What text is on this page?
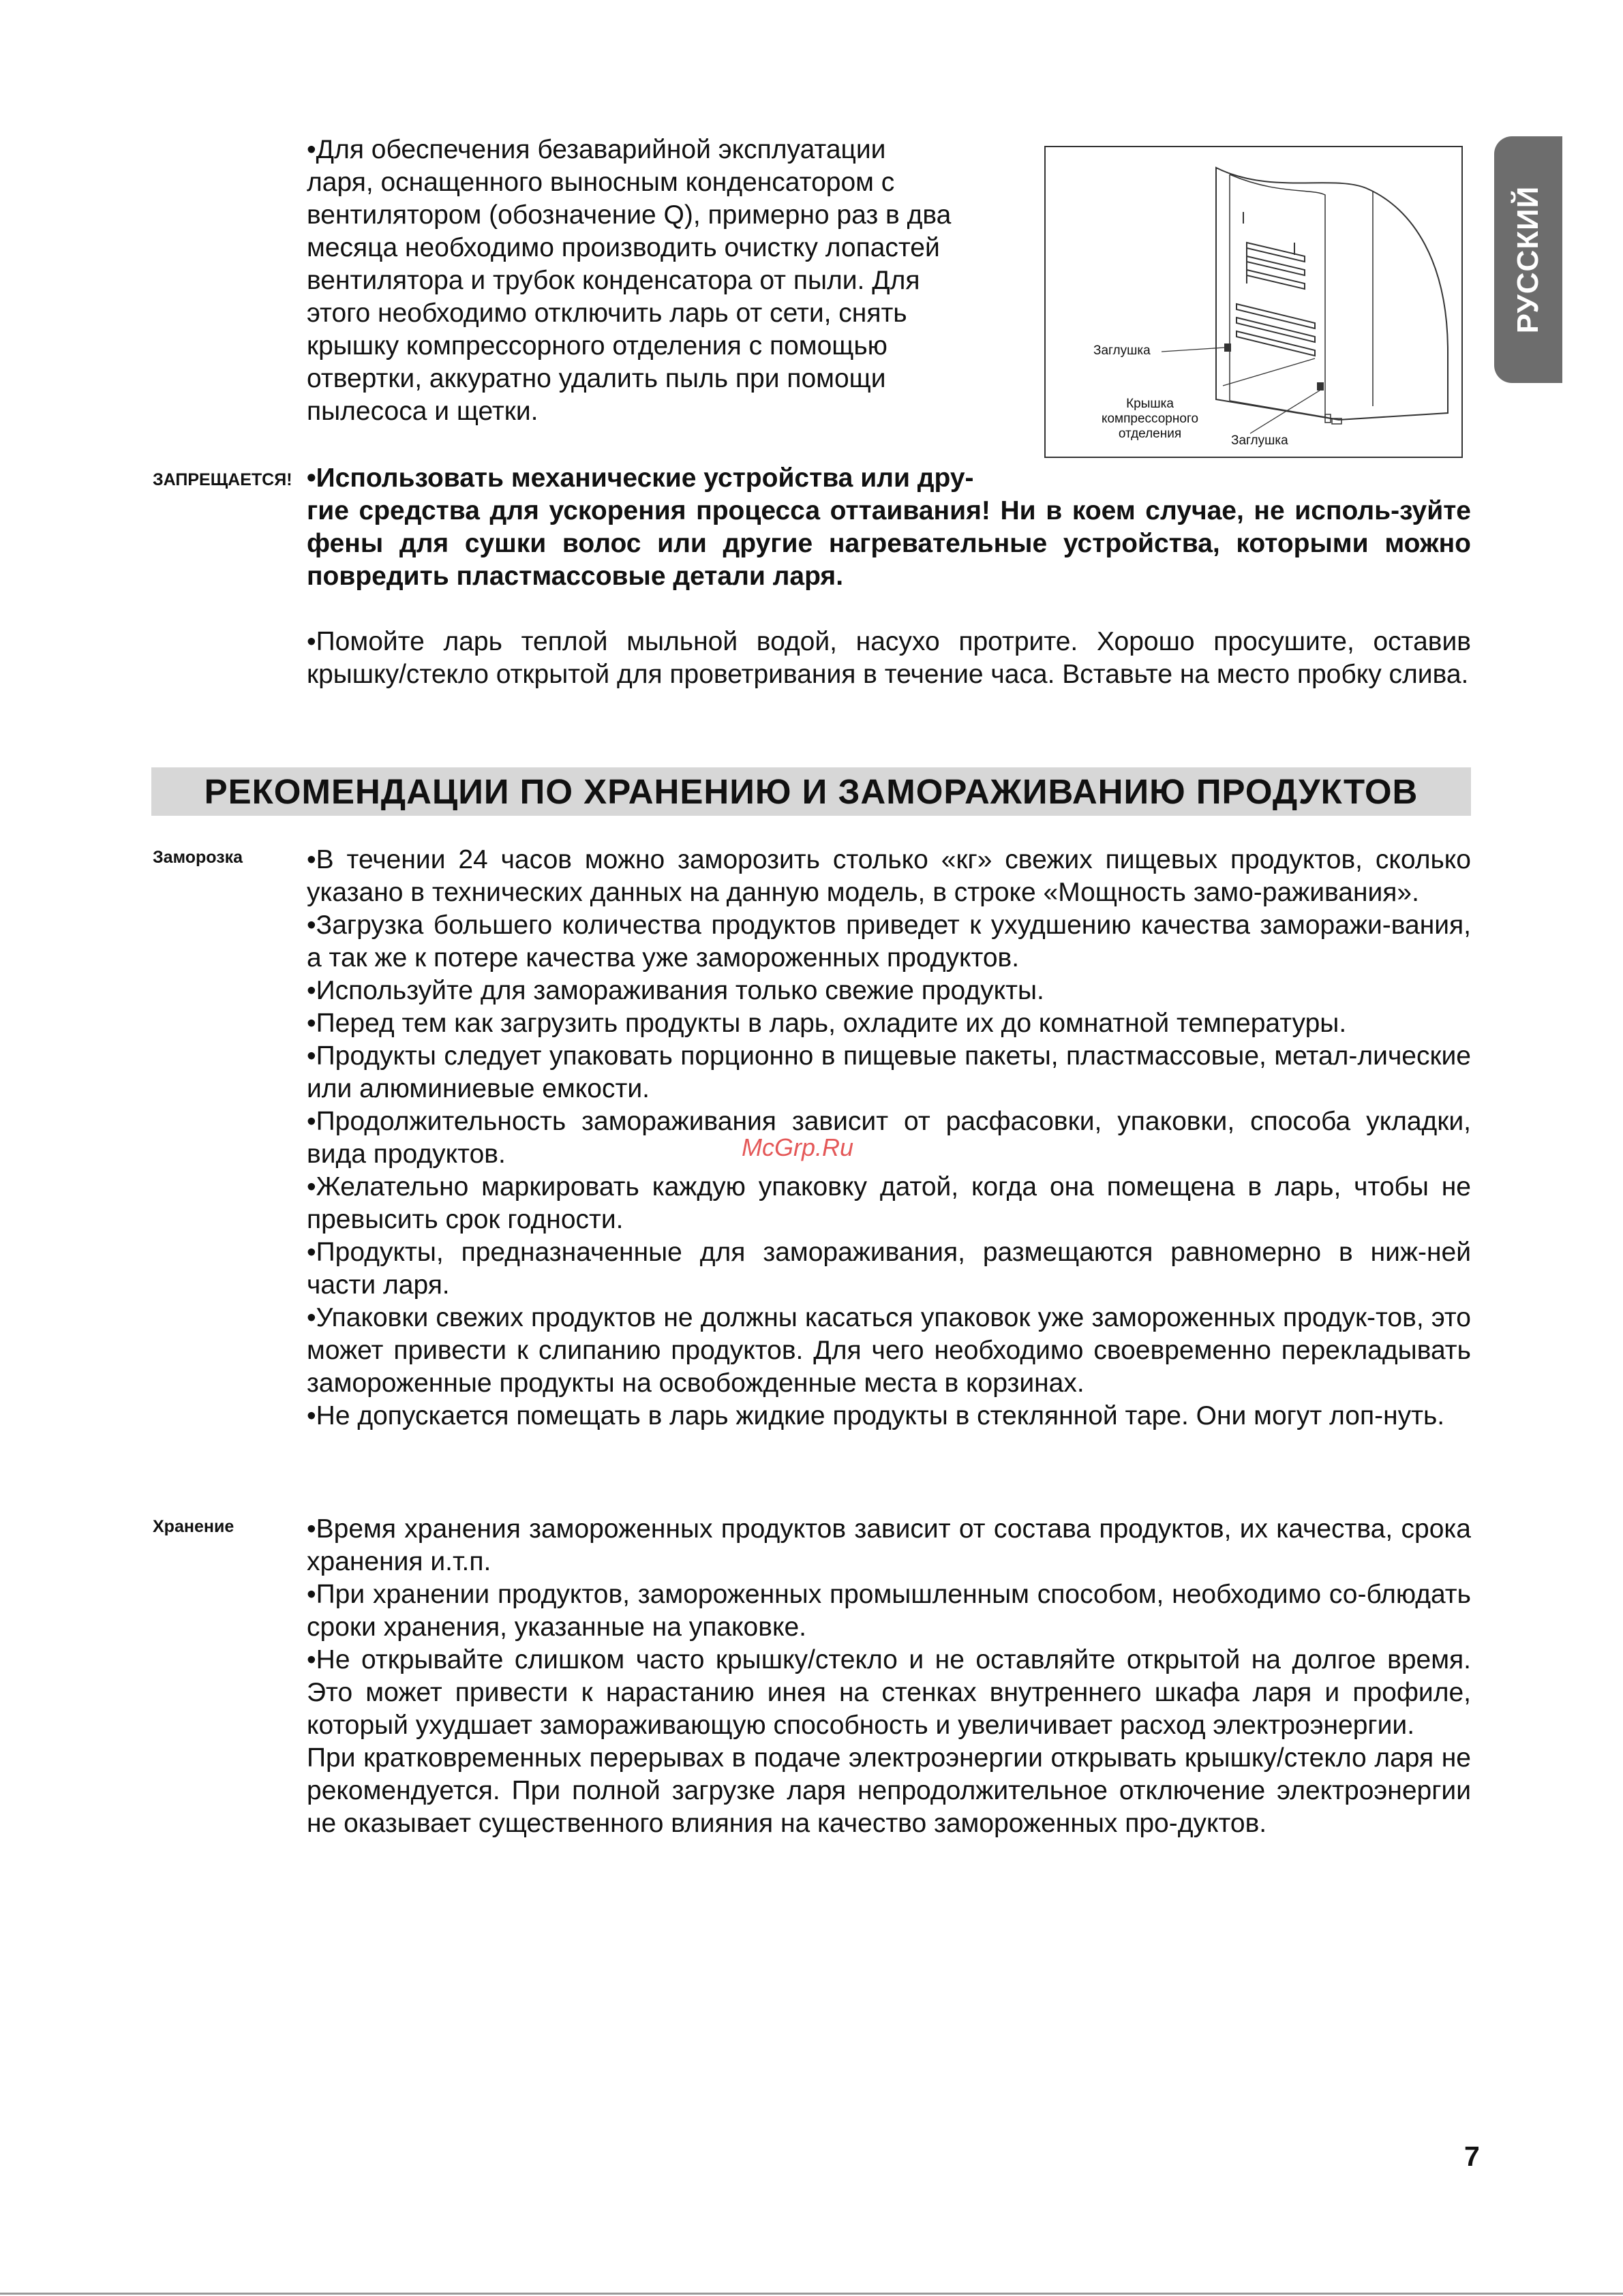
РУССКИЙ

•Для обеспечения безаварийной эксплуатации

ларя, оснащенного выносным конденсатором с

вентилятором (обозначение Q), примерно раз в два

месяца необходимо производить очистку лопастей

вентилятора и трубок конденсатора от пыли. Для

этого необходимо отключить ларь от сети, снять

крышку компрессорного отделения с помощью

отвертки, аккуратно удалить пыль при помощи

пылесоса и щетки.

Заглушка
Крышка компрессорного отделения	Заглушка
ЗАПРЕЩАЕТСЯ! •Использовать механические устройства или дру-
гие средства для ускорения процесса оттаивания! Ни в коем случае, не исполь-зуйте фены для сушки волос или другие нагревательные устройства, которыми можно повредить пластмассовые детали ларя.
•Помойте ларь теплой мыльной водой, насухо протрите. Хорошо просушите, оставив крышку/стекло открытой для проветривания в течение часа. Вставьте на место пробку слива.
РЕКОМЕНДАЦИИ ПО ХРАНЕНИЮ И ЗАМОРАЖИВАНИЮ ПРОДУКТОВ
Заморозка •В течении 24 часов можно заморозить столько «кг» свежих пищевых продуктов, сколько указано в технических данных на данную модель, в строке «Мощность замо-раживания».

•Загрузка большего количества продуктов приведет к ухудшению качества заморажи-вания, а так же к потере качества уже замороженных продуктов.

•Используйте для замораживания только свежие продукты.

•Перед тем как загрузить продукты в ларь, охладите их до комнатной температуры.

•Продукты следует упаковать порционно в пищевые пакеты, пластмассовые, метал-лические или алюминиевые емкости.

•Продолжительность замораживания зависит от расфасовки, упаковки, способа укладки, вида продуктов.

•Желательно маркировать каждую упаковку датой, когда она помещена в ларь, чтобы не превысить срок годности.

•Продукты, предназначенные для замораживания, размещаются равномерно в ниж-ней части ларя.

•Упаковки свежих продуктов не должны касаться упаковок уже замороженных продук-тов, это может привести к слипанию продуктов. Для чего необходимо своевременно перекладывать замороженные продукты на освобожденные места в корзинах.

•Не допускается помещать в ларь жидкие продукты в стеклянной таре. Они могут лоп-нуть.

McGrp.Ru
Хранение	•Время хранения замороженных продуктов зависит от состава продуктов, их качества, срока хранения и.т.п.

•При хранении продуктов, замороженных промышленным способом, необходимо со-блюдать сроки хранения, указанные на упаковке.

•Не открывайте слишком часто крышку/стекло и не оставляйте открытой на долгое время. Это может привести к нарастанию инея на стенках внутреннего шкафа ларя и профиле, который ухудшает замораживающую способность и увеличивает расход электроэнергии.

При кратковременных перерывах в подаче электроэнергии открывать крышку/стекло ларя не рекомендуется. При полной загрузке ларя непродолжительное отключение электроэнергии не оказывает существенного влияния на качество замороженных про-дуктов.

7
